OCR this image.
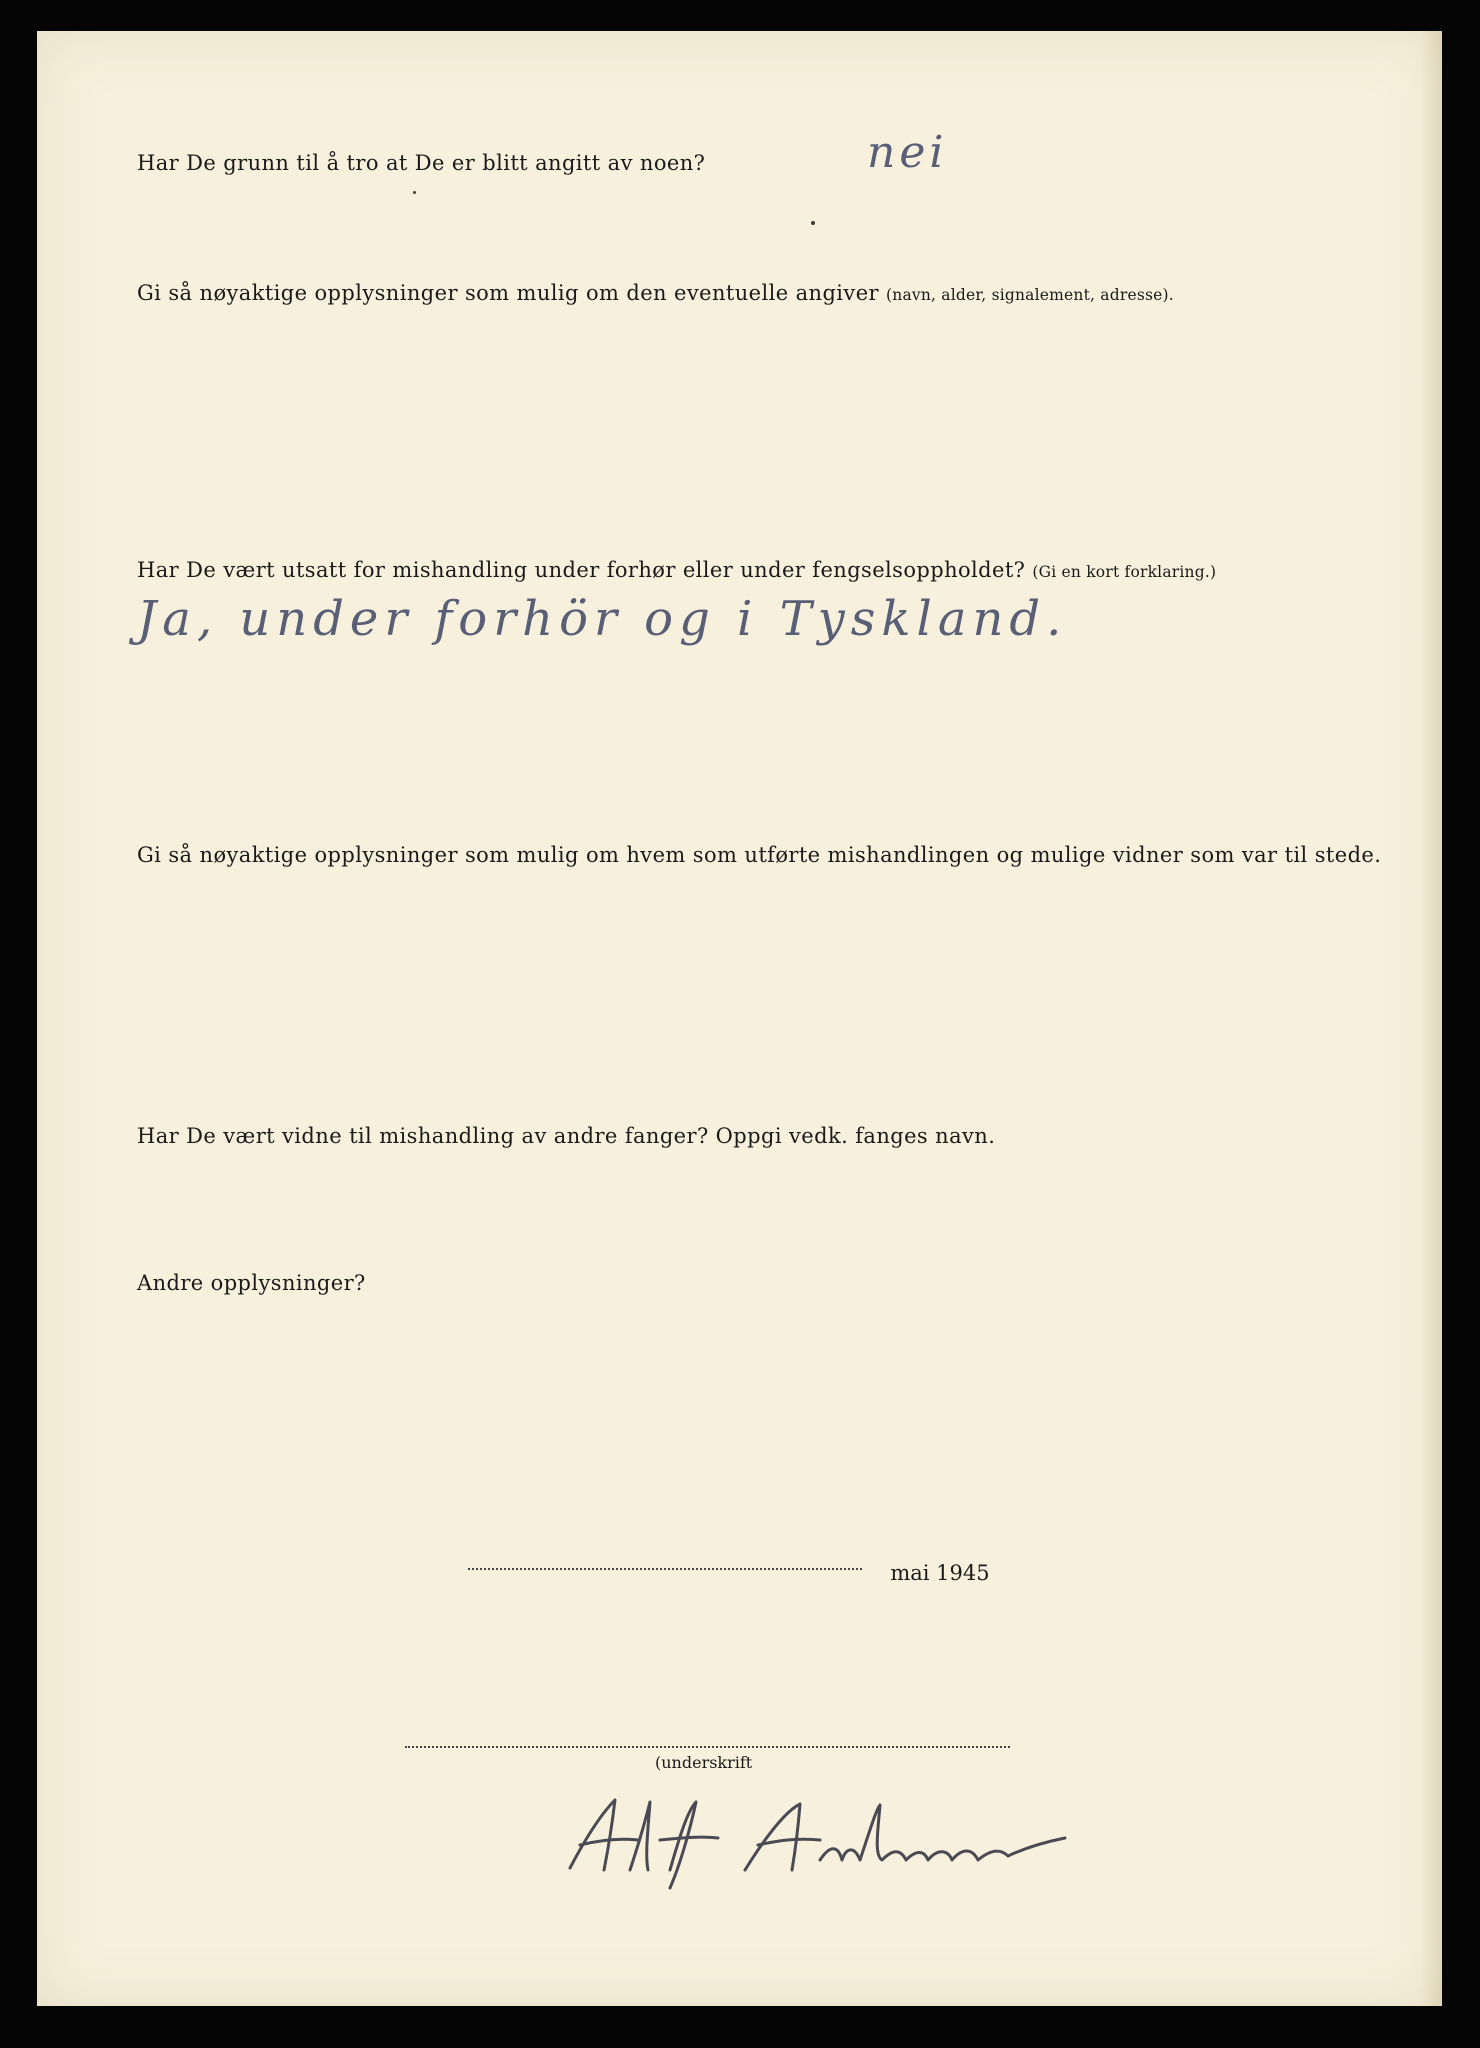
Har De grunn til å tro at De er blitt angitt av noen?	nei
Gi så nøyaktige opplysninger som mulig om den eventuelle angiver (navn, alder, signalement, adresse).
Har De vært utsatt for mishandling under forhør eller under fengselsoppholdet? (Gi en kort forklaring.)
Ja, under forhör og i Tyskland.
Gi så nøyaktige opplysninger som mulig om hvem som utførte mishandlingen og mulige vidner som var til stede.
Har De vært vidne til mishandling av andre fanger? Oppgi vedk. fanges navn.
Andre opplysninger?
mai 1945
(underskrift
